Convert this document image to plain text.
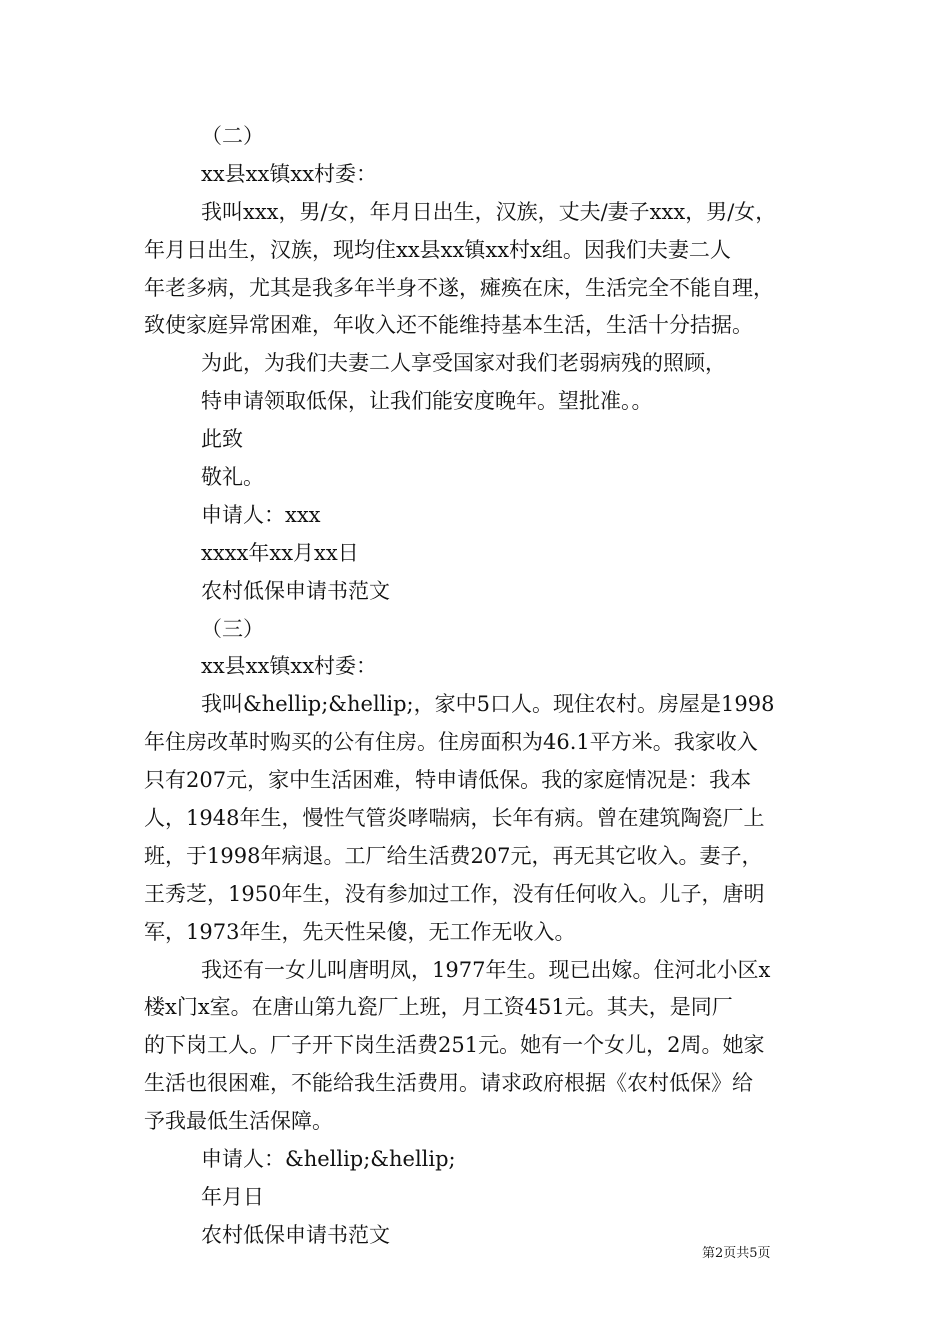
（二）
xx县xx镇xx村委：
我叫xxx，男/女，年月日出生，汉族，丈夫/妻子xxx，男/女，
年月日出生，汉族，现均住xx县xx镇xx村x组。因我们夫妻二人
年老多病，尤其是我多年半身不遂，瘫痪在床，生活完全不能自理，
致使家庭异常困难，年收入还不能维持基本生活，生活十分拮据。
为此，为我们夫妻二人享受国家对我们老弱病残的照顾，
特申请领取低保，让我们能安度晚年。望批准。。
此致
敬礼。
申请人：xxx
xxxx年xx月xx日
农村低保申请书范文
（三）
xx县xx镇xx村委：
我叫&hellip;&hellip;，家中5口人。现住农村。房屋是1998
年住房改革时购买的公有住房。住房面积为46.1平方米。我家收入
只有207元，家中生活困难，特申请低保。我的家庭情况是：我本
人，1948年生，慢性气管炎哮喘病，长年有病。曾在建筑陶瓷厂上
班，于1998年病退。工厂给生活费207元，再无其它收入。妻子，
王秀芝，1950年生，没有参加过工作，没有任何收入。儿子，唐明
军，1973年生，先天性呆傻，无工作无收入。
我还有一女儿叫唐明凤，1977年生。现已出嫁。住河北小区x
楼x门x室。在唐山第九瓷厂上班，月工资451元。其夫，是同厂
的下岗工人。厂子开下岗生活费251元。她有一个女儿，2周。她家
生活也很困难，不能给我生活费用。请求政府根据《农村低保》给
予我最低生活保障。
申请人：&hellip;&hellip;
年月日
农村低保申请书范文
第2页共5页
